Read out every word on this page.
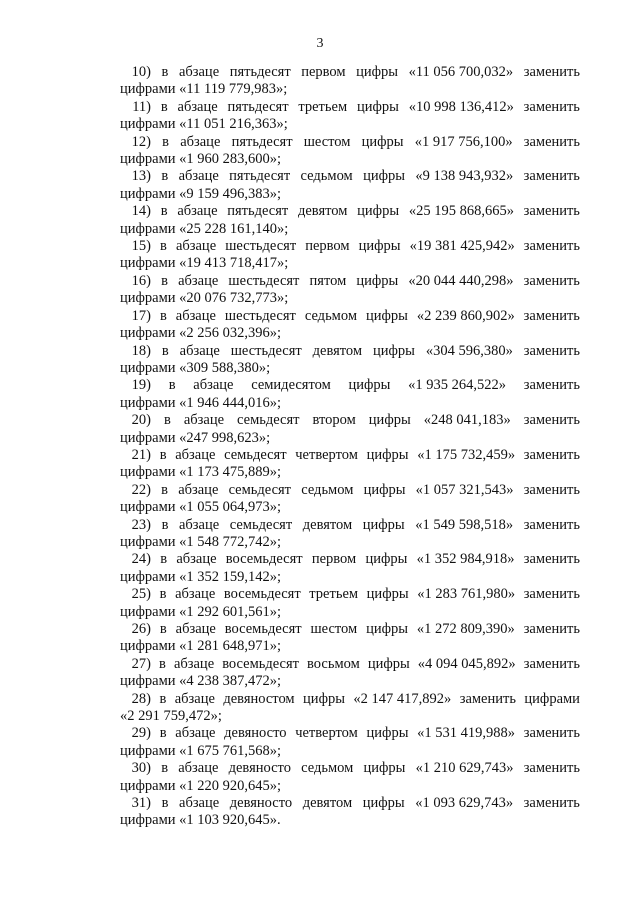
3
10) в абзаце пятьдесят первом цифры «11 056 700,032» заменить
цифрами «11 119 779,983»;
11) в абзаце пятьдесят третьем цифры «10 998 136,412» заменить
цифрами «11 051 216,363»;
12) в абзаце пятьдесят шестом цифры «1 917 756,100» заменить
цифрами «1 960 283,600»;
13) в абзаце пятьдесят седьмом цифры «9 138 943,932» заменить
цифрами «9 159 496,383»;
14) в абзаце пятьдесят девятом цифры «25 195 868,665» заменить
цифрами «25 228 161,140»;
15) в абзаце шестьдесят первом цифры «19 381 425,942» заменить
цифрами «19 413 718,417»;
16) в абзаце шестьдесят пятом цифры «20 044 440,298» заменить
цифрами «20 076 732,773»;
17) в абзаце шестьдесят седьмом цифры «2 239 860,902» заменить
цифрами «2 256 032,396»;
18) в абзаце шестьдесят девятом цифры «304 596,380» заменить
цифрами «309 588,380»;
19) в абзаце семидесятом цифры «1 935 264,522» заменить
цифрами «1 946 444,016»;
20) в абзаце семьдесят втором цифры «248 041,183» заменить
цифрами «247 998,623»;
21) в абзаце семьдесят четвертом цифры «1 175 732,459» заменить
цифрами «1 173 475,889»;
22) в абзаце семьдесят седьмом цифры «1 057 321,543» заменить
цифрами «1 055 064,973»;
23) в абзаце семьдесят девятом цифры «1 549 598,518» заменить
цифрами «1 548 772,742»;
24) в абзаце восемьдесят первом цифры «1 352 984,918» заменить
цифрами «1 352 159,142»;
25) в абзаце восемьдесят третьем цифры «1 283 761,980» заменить
цифрами «1 292 601,561»;
26) в абзаце восемьдесят шестом цифры «1 272 809,390» заменить
цифрами «1 281 648,971»;
27) в абзаце восемьдесят восьмом цифры «4 094 045,892» заменить
цифрами «4 238 387,472»;
28) в абзаце девяностом цифры «2 147 417,892» заменить цифрами
«2 291 759,472»;
29) в абзаце девяносто четвертом цифры «1 531 419,988» заменить
цифрами «1 675 761,568»;
30) в абзаце девяносто седьмом цифры «1 210 629,743» заменить
цифрами «1 220 920,645»;
31) в абзаце девяносто девятом цифры «1 093 629,743» заменить
цифрами «1 103 920,645».
